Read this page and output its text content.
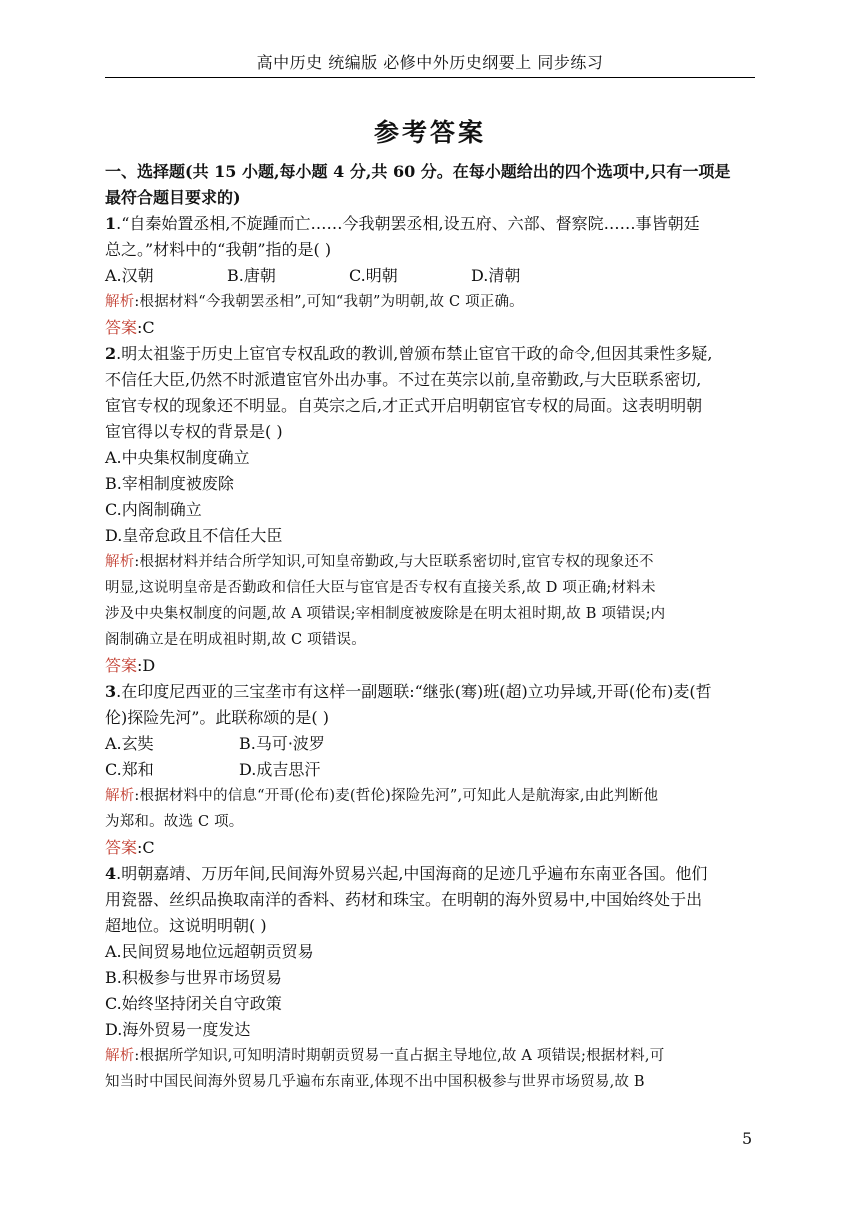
高中历史 统编版 必修中外历史纲要上 同步练习
参考答案
一、选择题(共 15 小题,每小题 4 分,共 60 分。在每小题给出的四个选项中,只有一项是
最符合题目要求的)
1.“自秦始置丞相,不旋踵而亡……今我朝罢丞相,设五府、六部、督察院……事皆朝廷
总之。”材料中的“我朝”指的是( )
A.汉朝	B.唐朝	C.明朝	D.清朝
解析:根据材料“今我朝罢丞相”,可知“我朝”为明朝,故 C 项正确。
答案:C
2.明太祖鉴于历史上宦官专权乱政的教训,曾颁布禁止宦官干政的命令,但因其秉性多疑,
不信任大臣,仍然不时派遣宦官外出办事。不过在英宗以前,皇帝勤政,与大臣联系密切,
宦官专权的现象还不明显。自英宗之后,才正式开启明朝宦官专权的局面。这表明明朝
宦官得以专权的背景是( )
A.中央集权制度确立
B.宰相制度被废除
C.内阁制确立
D.皇帝怠政且不信任大臣
解析:根据材料并结合所学知识,可知皇帝勤政,与大臣联系密切时,宦官专权的现象还不
明显,这说明皇帝是否勤政和信任大臣与宦官是否专权有直接关系,故 D 项正确;材料未
涉及中央集权制度的问题,故 A 项错误;宰相制度被废除是在明太祖时期,故 B 项错误;内
阁制确立是在明成祖时期,故 C 项错误。
答案:D
3.在印度尼西亚的三宝垄市有这样一副题联:“继张(骞)班(超)立功异域,开哥(伦布)麦(哲
伦)探险先河”。此联称颂的是( )
A.玄奘	B.马可·波罗
C.郑和	D.成吉思汗
解析:根据材料中的信息“开哥(伦布)麦(哲伦)探险先河”,可知此人是航海家,由此判断他
为郑和。故选 C 项。
答案:C
4.明朝嘉靖、万历年间,民间海外贸易兴起,中国海商的足迹几乎遍布东南亚各国。他们
用瓷器、丝织品换取南洋的香料、药材和珠宝。在明朝的海外贸易中,中国始终处于出
超地位。这说明明朝( )
A.民间贸易地位远超朝贡贸易
B.积极参与世界市场贸易
C.始终坚持闭关自守政策
D.海外贸易一度发达
解析:根据所学知识,可知明清时期朝贡贸易一直占据主导地位,故 A 项错误;根据材料,可
知当时中国民间海外贸易几乎遍布东南亚,体现不出中国积极参与世界市场贸易,故 B
5
